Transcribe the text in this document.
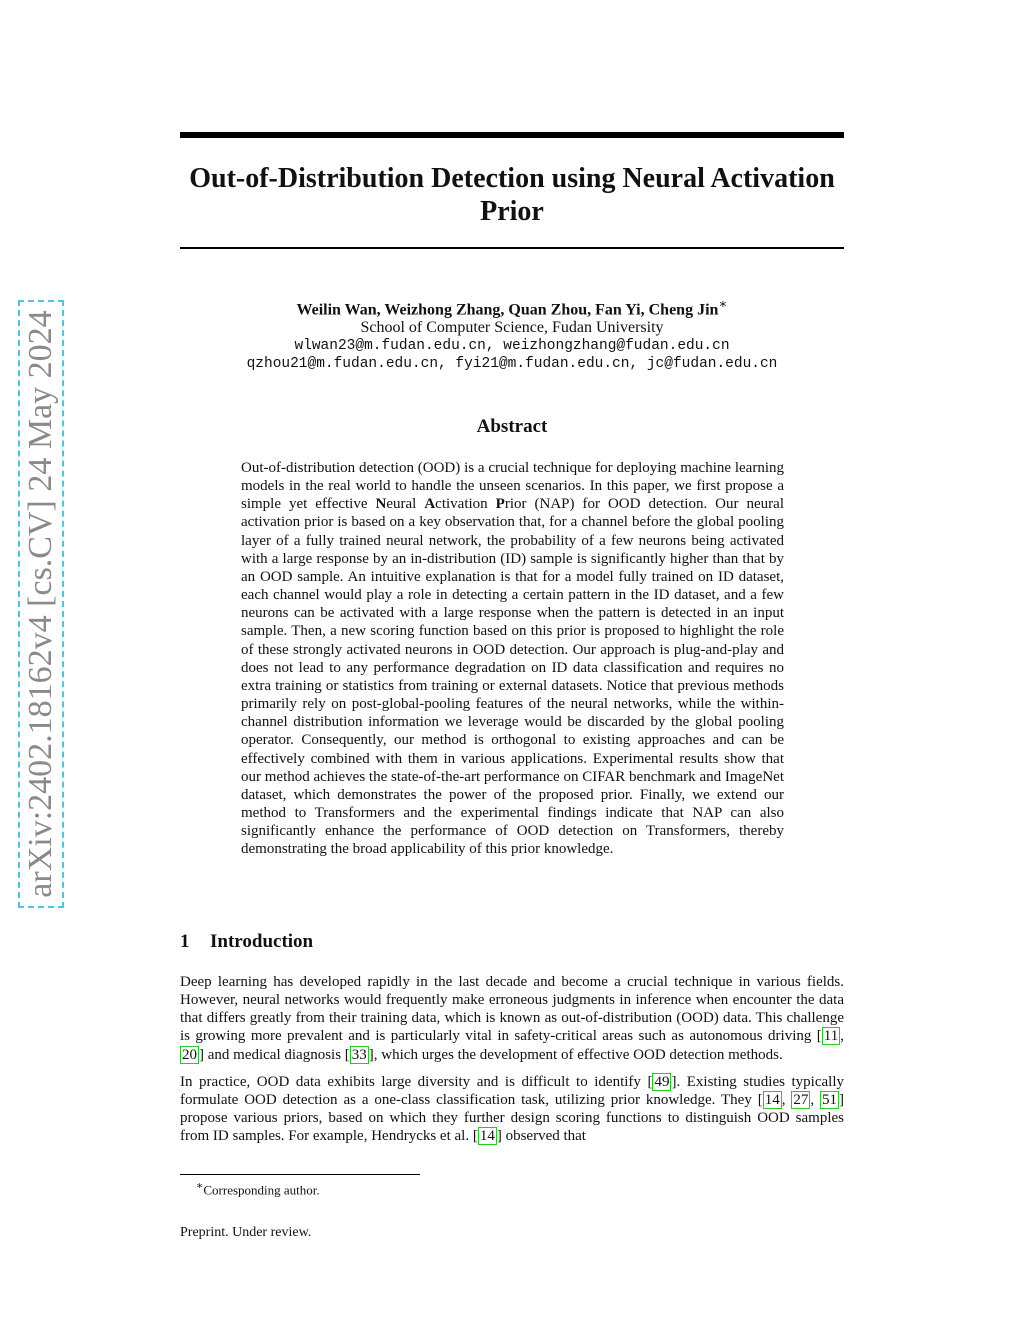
Out-of-Distribution Detection using Neural Activation Prior
Weilin Wan, Weizhong Zhang, Quan Zhou, Fan Yi, Cheng Jin∗
School of Computer Science, Fudan University
wlwan23@m.fudan.edu.cn, weizhongzhang@fudan.edu.cn
qzhou21@m.fudan.edu.cn, fyi21@m.fudan.edu.cn, jc@fudan.edu.cn
arXiv:2402.18162v4 [cs.CV] 24 May 2024	Abstract
Out-of-distribution detection (OOD) is a crucial technique for deploying machine learning models in the real world to handle the unseen scenarios. In this paper, we first propose a simple yet effective Neural Activation Prior (NAP) for OOD detection. Our neural activation prior is based on a key observation that, for a channel before the global pooling layer of a fully trained neural network, the probability of a few neurons being activated with a large response by an in-distribution (ID) sample is significantly higher than that by an OOD sample. An intuitive explanation is that for a model fully trained on ID dataset, each channel would play a role in detecting a certain pattern in the ID dataset, and a few neurons can be activated with a large response when the pattern is detected in an input sample. Then, a new scoring function based on this prior is proposed to highlight the role of these strongly activated neurons in OOD detection. Our approach is plug-and-play and does not lead to any performance degradation on ID data classification and requires no extra training or statistics from training or external datasets. Notice that previous methods primarily rely on post-global-pooling features of the neural networks, while the within-channel distribution information we leverage would be discarded by the global pooling operator. Consequently, our method is orthogonal to existing approaches and can be effectively combined with them in various applications. Experimental results show that our method achieves the state-of-the-art performance on CIFAR benchmark and ImageNet dataset, which demonstrates the power of the proposed prior. Finally, we extend our method to Transformers and the experimental findings indicate that NAP can also significantly enhance the performance of OOD detection on Transformers, thereby demonstrating the broad applicability of this prior knowledge.
1 Introduction

Deep learning has developed rapidly in the last decade and become a crucial technique in various fields. However, neural networks would frequently make erroneous judgments in inference when encounter the data that differs greatly from their training data, which is known as out-of-distribution (OOD) data. This challenge is growing more prevalent and is particularly vital in safety-critical areas such as autonomous driving [ 11 , 20 ] and medical diagnosis [ 33 ], which urges the development of effective OOD detection methods.

In practice, OOD data exhibits large diversity and is difficult to identify [ 49 ]. Existing studies typically formulate OOD detection as a one-class classification task, utilizing prior knowledge. They [ 14 , 27 , 51 ] propose various priors, based on which they further design scoring functions to distinguish OOD samples from ID samples. For example, Hendrycks et al. [ 14 ] observed that

∗Corresponding author.
Preprint. Under review.
